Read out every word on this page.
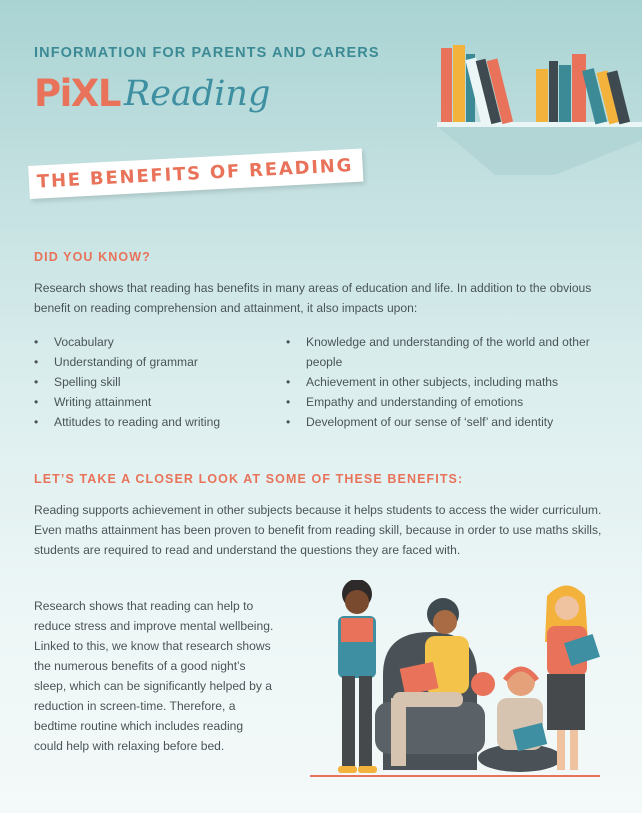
INFORMATION FOR PARENTS AND CARERS
PiXL Reading
THE BENEFITS OF READING
DID YOU KNOW?

Research shows that reading has benefits in many areas of education and life. In addition to the obvious benefit on reading comprehension and attainment, it also impacts upon:

• Vocabulary
• Understanding of grammar
• Spelling skill
• Writing attainment
• Attitudes to reading and writing
• Knowledge and understanding of the world and other people
• Achievement in other subjects, including maths
• Empathy and understanding of emotions
• Development of our sense of ‘self’ and identity
LET’S TAKE A CLOSER LOOK AT SOME OF THESE BENEFITS:

Reading supports achievement in other subjects because it helps students to access the wider curriculum. Even maths attainment has been proven to benefit from reading skill, because in order to use maths skills, students are required to read and understand the questions they are faced with.

Research shows that reading can help to reduce stress and improve mental wellbeing. Linked to this, we know that research shows the numerous benefits of a good night’s sleep, which can be significantly helped by a reduction in screen-time. Therefore, a bedtime routine which includes reading could help with relaxing before bed.
